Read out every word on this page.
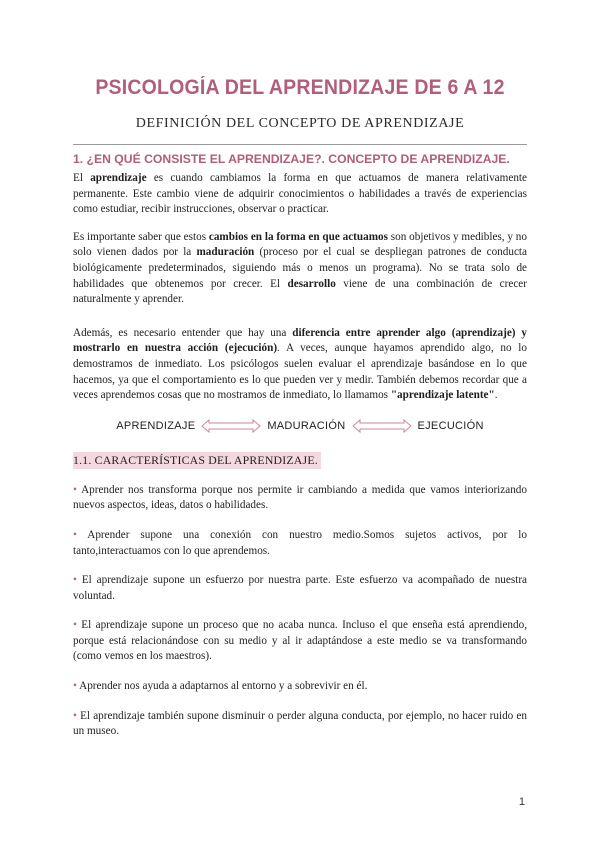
PSICOLOGÍA DEL APRENDIZAJE DE 6 A 12
DEFINICIÓN DEL CONCEPTO DE APRENDIZAJE
1. ¿EN QUÉ CONSISTE EL APRENDIZAJE?. CONCEPTO DE APRENDIZAJE.

El aprendizaje es cuando cambiamos la forma en que actuamos de manera relativamente permanente. Este cambio viene de adquirir conocimientos o habilidades a través de experiencias como estudiar, recibir instrucciones, observar o practicar.

Es importante saber que estos cambios en la forma en que actuamos son objetivos y medibles, y no solo vienen dados por la maduración (proceso por el cual se despliegan patrones de conducta biológicamente predeterminados, siguiendo más o menos un programa). No se trata solo de habilidades que obtenemos por crecer. El desarrollo viene de una combinación de crecer naturalmente y aprender.

Además, es necesario entender que hay una diferencia entre aprender algo (aprendizaje) y mostrarlo en nuestra acción (ejecución). A veces, aunque hayamos aprendido algo, no lo demostramos de inmediato. Los psicólogos suelen evaluar el aprendizaje basándose en lo que hacemos, ya que el comportamiento es lo que pueden ver y medir. También debemos recordar que a veces aprendemos cosas que no mostramos de inmediato, lo llamamos "aprendizaje latente".

APRENDIZAJE	MADURACIÓN	EJECUCIÓN
1.1. CARACTERÍSTICAS DEL APRENDIZAJE.

• Aprender nos transforma porque nos permite ir cambiando a medida que vamos interiorizando nuevos aspectos, ideas, datos o habilidades.

• Aprender supone una conexión con nuestro medio.Somos sujetos activos, por lo tanto,interactuamos con lo que aprendemos.

• El aprendizaje supone un esfuerzo por nuestra parte. Este esfuerzo va acompañado de nuestra voluntad.

• El aprendizaje supone un proceso que no acaba nunca. Incluso el que enseña está aprendiendo, porque está relacionándose con su medio y al ir adaptándose a este medio se va transformando (como vemos en los maestros).

• Aprender nos ayuda a adaptarnos al entorno y a sobrevivir en él.

• El aprendizaje también supone disminuir o perder alguna conducta, por ejemplo, no hacer ruido en un museo.

1
